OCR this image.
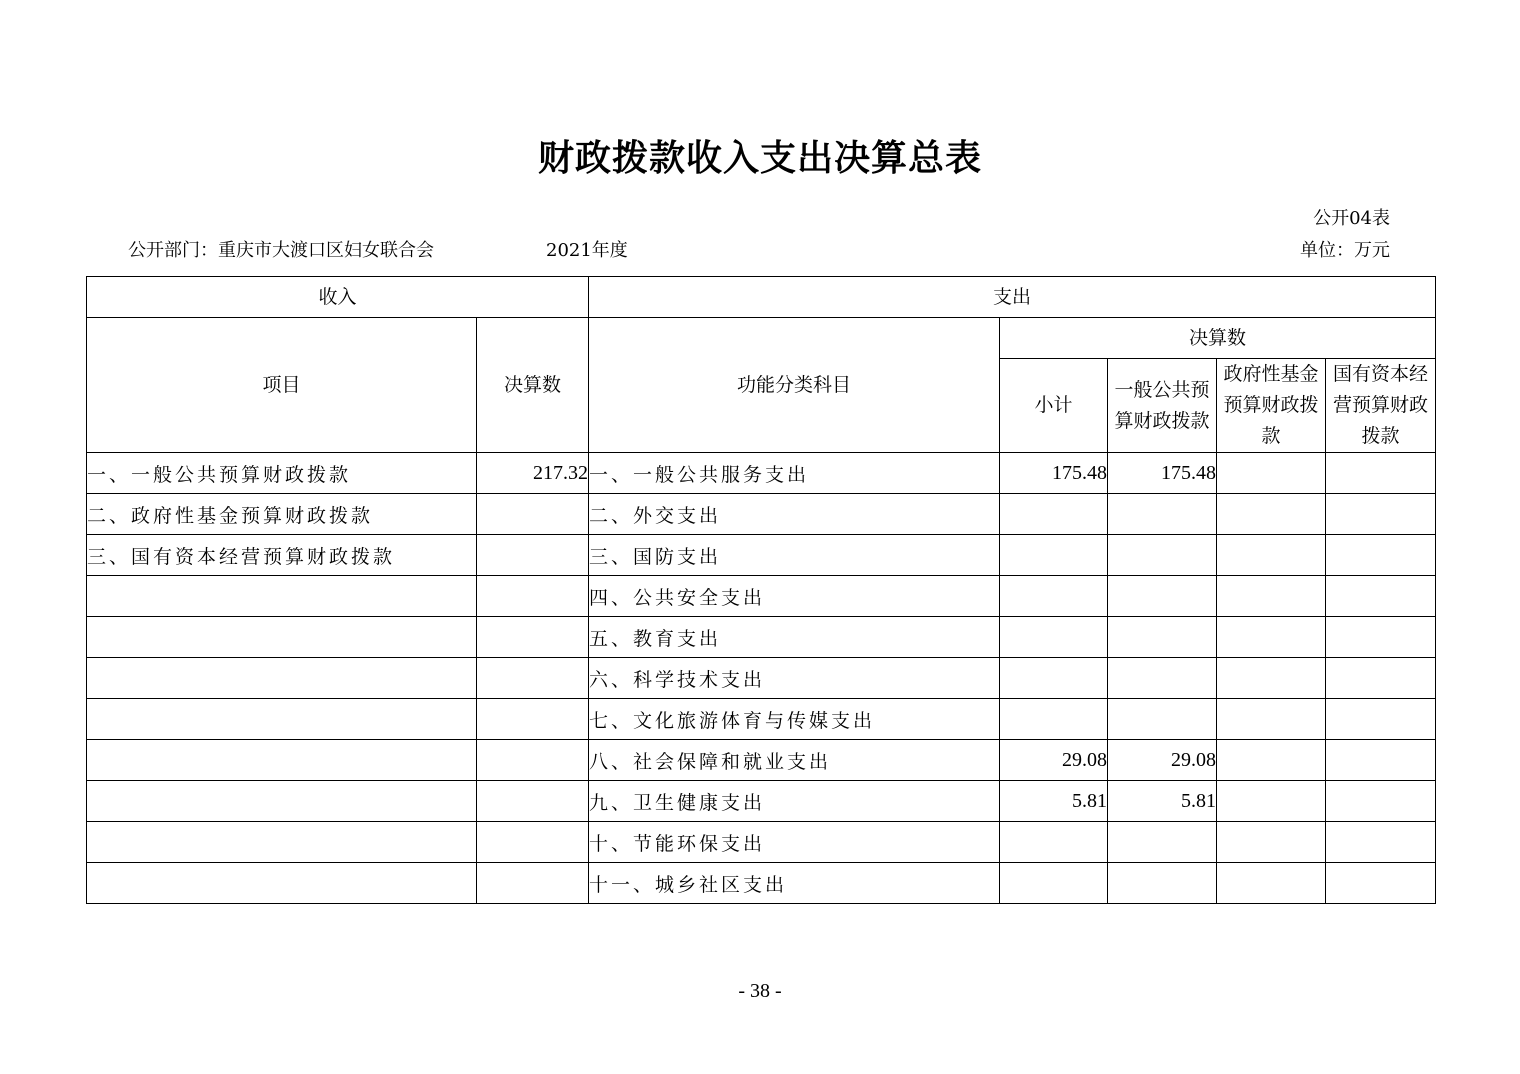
财政拨款收入支出决算总表
公开04表
公开部门：重庆市大渡口区妇女联合会	2021年度	单位：万元
收入		支出				
项目	决算数	功能分类科目	决算数			
			小计	一般公共预算财政拨款	政府性基金预算财政拨款	国有资本经营预算财政拨款
一、一般公共预算财政拨款	217.32	一、一般公共服务支出	175.48	175.48		
二、政府性基金预算财政拨款		二、外交支出				
三、国有资本经营预算财政拨款		三、国防支出				
		四、公共安全支出				
		五、教育支出				
		六、科学技术支出				
		七、文化旅游体育与传媒支出				
		八、社会保障和就业支出	29.08	29.08		
		九、卫生健康支出	5.81	5.81		
		十、节能环保支出				
		十一、城乡社区支出				
- 38 -
